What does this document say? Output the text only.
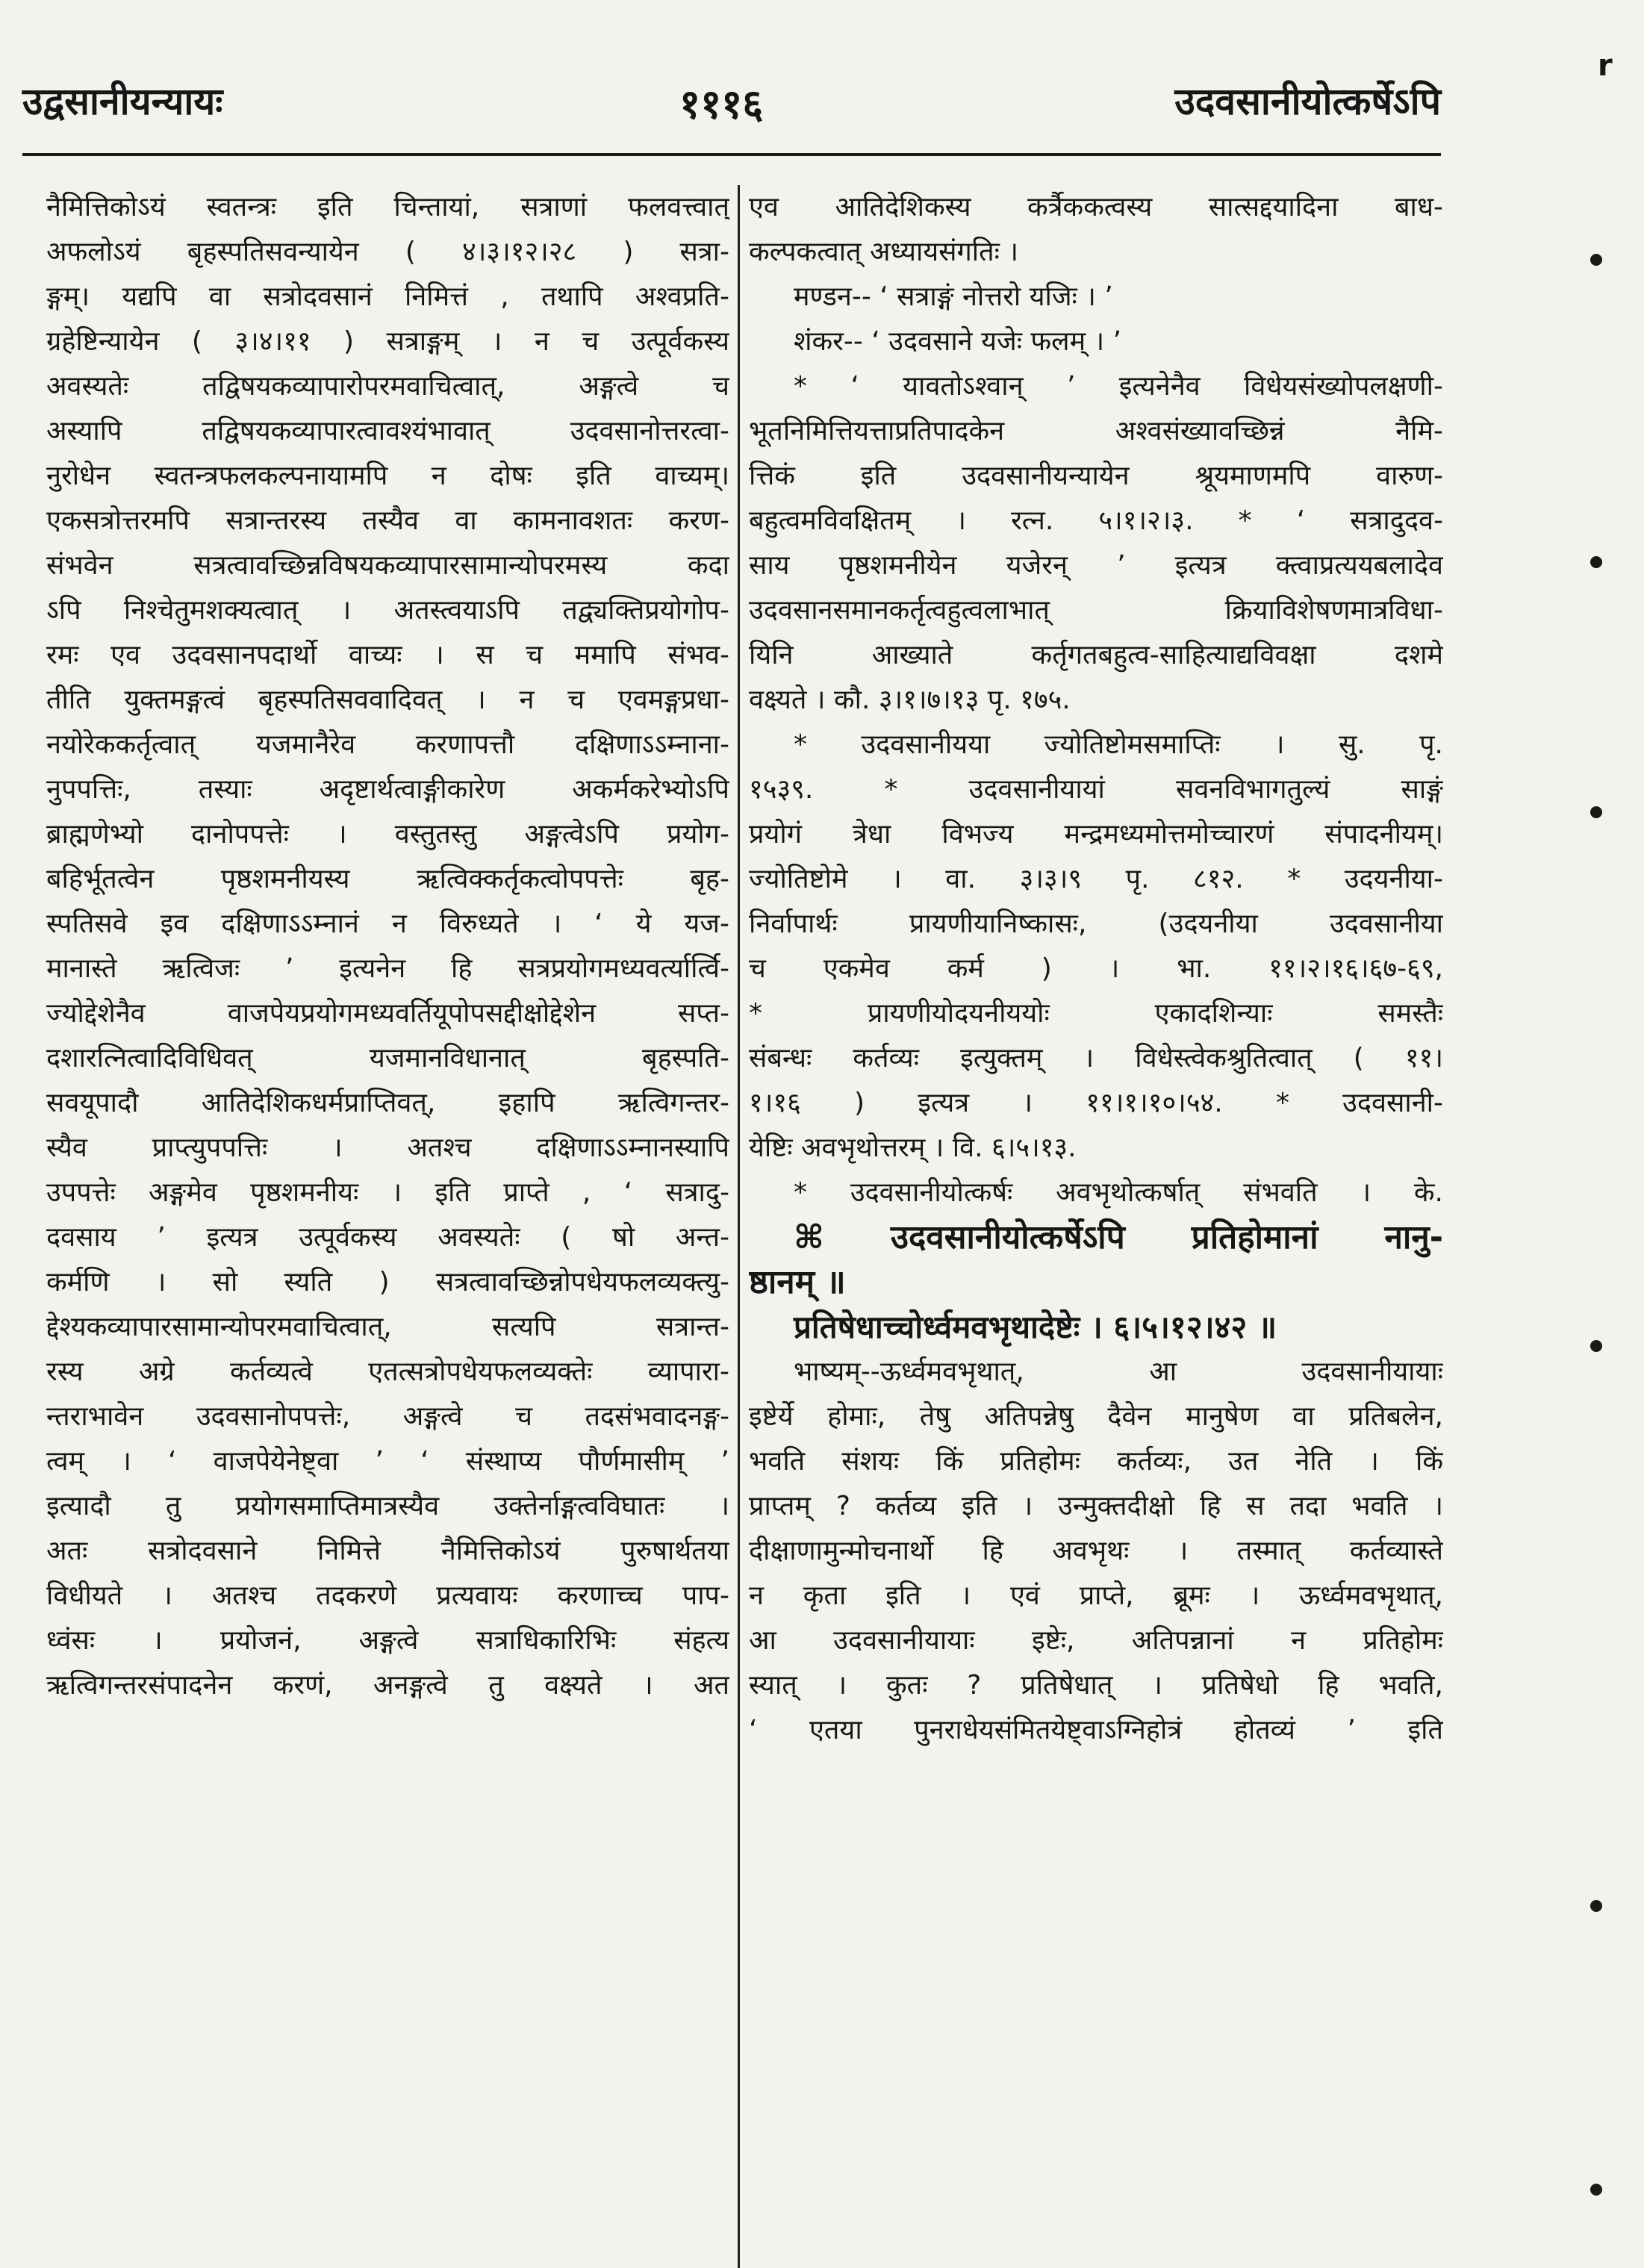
उद्वसानीयन्यायः	१११६	उदवसानीयोत्कर्षेऽपि
r
नैमित्तिकोऽयं स्वतन्त्रः इति चिन्तायां, सत्राणां फलवत्त्वात्
अफलोऽयं बृहस्पतिसवन्यायेन ( ४।३।१२।२८ ) सत्रा-
ङ्गम्। यद्यपि वा सत्रोदवसानं निमित्तं , तथापि अश्वप्रति-
ग्रहेष्टिन्यायेन ( ३।४।११ ) सत्राङ्गम् । न च उत्पूर्वकस्य
अवस्यतेः तद्विषयकव्यापारोपरमवाचित्वात्, अङ्गत्वे च
अस्यापि तद्विषयकव्यापारत्वावश्यंभावात् उदवसानोत्तरत्वा-
नुरोधेन स्वतन्त्रफलकल्पनायामपि न दोषः इति वाच्यम्।
एकसत्रोत्तरमपि सत्रान्तरस्य तस्यैव वा कामनावशतः करण-
संभवेन सत्रत्वावच्छिन्नविषयकव्यापारसामान्योपरमस्य कदा
ऽपि निश्चेतुमशक्यत्वात् । अतस्त्वयाऽपि तद्व्यक्तिप्रयोगोप-
रमः एव उदवसानपदार्थो वाच्यः । स च ममापि संभव-
तीति युक्तमङ्गत्वं बृहस्पतिसववादिवत् । न च एवमङ्गप्रधा-
नयोरेककर्तृत्वात् यजमानैरेव करणापत्तौ दक्षिणाऽऽम्नाना-
नुपपत्तिः, तस्याः अदृष्टार्थत्वाङ्गीकारेण अकर्मकरेभ्योऽपि
ब्राह्मणेभ्यो दानोपपत्तेः । वस्तुतस्तु अङ्गत्वेऽपि प्रयोग-
बहिर्भूतत्वेन पृष्ठशमनीयस्य ऋत्विक्कर्तृकत्वोपपत्तेः बृह-
स्पतिसवे इव दक्षिणाऽऽम्नानं न विरुध्यते । ‘ ये यज-
मानास्ते ऋत्विजः ’ इत्यनेन हि सत्रप्रयोगमध्यवर्त्यार्त्वि-
ज्योद्देशेनैव वाजपेयप्रयोगमध्यवर्तियूपोपसद्दीक्षोद्देशेन सप्त-
दशारत्नित्वादिविधिवत् यजमानविधानात् बृहस्पति-
सवयूपादौ आतिदेशिकधर्मप्राप्तिवत्, इहापि ऋत्विगन्तर-
स्यैव प्राप्त्युपपत्तिः । अतश्च दक्षिणाऽऽम्नानस्यापि
उपपत्तेः अङ्गमेव पृष्ठशमनीयः । इति प्राप्ते , ‘ सत्रादु-
दवसाय ’ इत्यत्र उत्पूर्वकस्य अवस्यतेः ( षो अन्त-
कर्मणि । सो स्यति ) सत्रत्वावच्छिन्नोपधेयफलव्यक्त्यु-
द्देश्यकव्यापारसामान्योपरमवाचित्वात्, सत्यपि सत्रान्त-
रस्य अग्रे कर्तव्यत्वे एतत्सत्रोपधेयफलव्यक्तेः व्यापारा-
न्तराभावेन उदवसानोपपत्तेः, अङ्गत्वे च तदसंभवादनङ्ग-
त्वम् । ‘ वाजपेयेनेष्ट्वा ’ ‘ संस्थाप्य पौर्णमासीम् ’
इत्यादौ तु प्रयोगसमाप्तिमात्रस्यैव उक्तेर्नाङ्गत्वविघातः ।
अतः सत्रोदवसाने निमित्ते नैमित्तिकोऽयं पुरुषार्थतया
विधीयते । अतश्च तदकरणे प्रत्यवायः करणाच्च पाप-
ध्वंसः । प्रयोजनं, अङ्गत्वे सत्राधिकारिभिः संहत्य
ऋत्विगन्तरसंपादनेन करणं, अनङ्गत्वे तु वक्ष्यते । अत
एव आतिदेशिकस्य कर्त्रैककत्वस्य सात्सद्दयादिना बाध-
कल्पकत्वात् अध्यायसंगतिः ।
मण्डन-- ‘ सत्राङ्गं नोत्तरो यजिः । ’
शंकर-- ‘ उदवसाने यजेः फलम् । ’
* ‘ यावतोऽश्वान् ’ इत्यनेनैव विधेयसंख्योपलक्षणी-
भूतनिमित्तियत्ताप्रतिपादकेन अश्वसंख्यावच्छिन्नं नैमि-
त्तिकं इति उदवसानीयन्यायेन श्रूयमाणमपि वारुण-
बहुत्वमविवक्षितम् । रत्न. ५।१।२।३. * ‘ सत्रादुदव-
साय पृष्ठशमनीयेन यजेरन् ’ इत्यत्र क्त्वाप्रत्ययबलादेव
उदवसानसमानकर्तृत्वहुत्वलाभात् क्रियाविशेषणमात्रविधा-
यिनि आख्याते कर्तृगतबहुत्व-साहित्याद्यविवक्षा दशमे
वक्ष्यते । कौ. ३।१।७।१३ पृ. १७५.
* उदवसानीयया ज्योतिष्टोमसमाप्तिः । सु. पृ.
१५३९. * उदवसानीयायां सवनविभागतुल्यं साङ्गं
प्रयोगं त्रेधा विभज्य मन्द्रमध्यमोत्तमोच्चारणं संपादनीयम्।
ज्योतिष्टोमे । वा. ३।३।९ पृ. ८१२. * उदयनीया-
निर्वापार्थः प्रायणीयानिष्कासः, (उदयनीया उदवसानीया
च एकमेव कर्म ) । भा. ११।२।१६।६७-६९,
* प्रायणीयोदयनीययोः एकादशिन्याः समस्तैः
संबन्धः कर्तव्यः इत्युक्तम् । विधेस्त्वेकश्रुतित्वात् ( ११।
१।१६ ) इत्यत्र । ११।१।१०।५४. * उदवसानी-
येष्टिः अवभृथोत्तरम् । वि. ६।५।१३.
* उदवसानीयोत्कर्षः अवभृथोत्कर्षात् संभवति । के.
⌘ उदवसानीयोत्कर्षेऽपि प्रतिहोमानां नानु-
ष्ठानम् ॥
प्रतिषेधाच्चोर्ध्वमवभृथादेष्टेः । ६।५।१२।४२ ॥
भाष्यम्--ऊर्ध्वमवभृथात्, आ उदवसानीयायाः
इष्टेर्ये होमाः, तेषु अतिपन्नेषु दैवेन मानुषेण वा प्रतिबलेन,
भवति संशयः किं प्रतिहोमः कर्तव्यः, उत नेति । किं
प्राप्तम् ? कर्तव्य इति । उन्मुक्तदीक्षो हि स तदा भवति ।
दीक्षाणामुन्मोचनार्थो हि अवभृथः । तस्मात् कर्तव्यास्ते
न कृता इति । एवं प्राप्ते, ब्रूमः । ऊर्ध्वमवभृथात्,
आ उदवसानीयायाः इष्टेः, अतिपन्नानां न प्रतिहोमः
स्यात् । कुतः ? प्रतिषेधात् । प्रतिषेधो हि भवति,
‘ एतया पुनराधेयसंमितयेष्ट्वाऽग्निहोत्रं होतव्यं ’ इति
